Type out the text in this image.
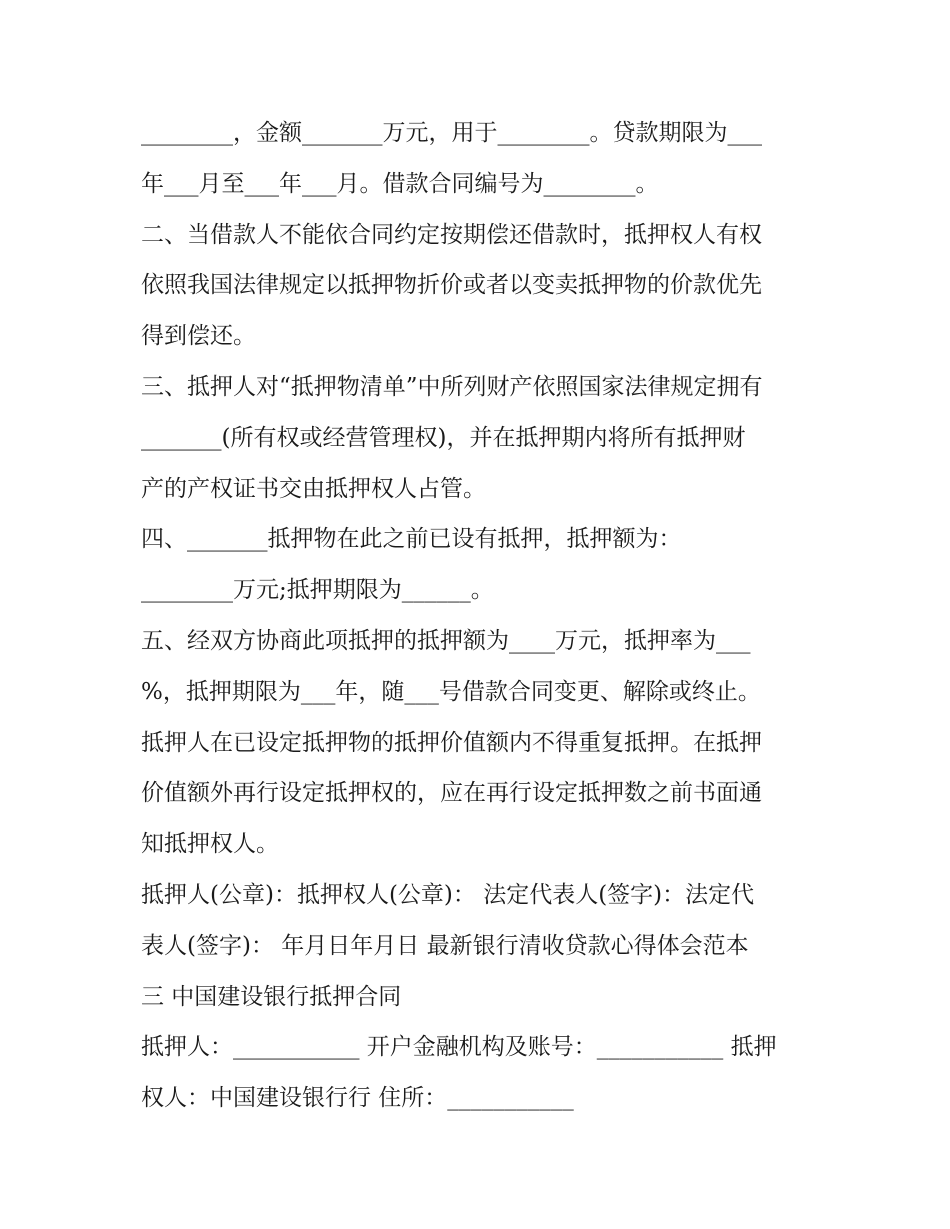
________，金额_______万元，用于________。贷款期限为___
年___月至___年___月。借款合同编号为________。
二、当借款人不能依合同约定按期偿还借款时，抵押权人有权
依照我国法律规定以抵押物折价或者以变卖抵押物的价款优先
得到偿还。
三、抵押人对“抵押物清单”中所列财产依照国家法律规定拥有
_______(所有权或经营管理权)，并在抵押期内将所有抵押财
产的产权证书交由抵押权人占管。
四、_______抵押物在此之前已设有抵押，抵押额为：
________万元;抵押期限为______。
五、经双方协商此项抵押的抵押额为____万元，抵押率为___
%，抵押期限为___年，随___号借款合同变更、解除或终止。
抵押人在已设定抵押物的抵押价值额内不得重复抵押。在抵押
价值额外再行设定抵押权的，应在再行设定抵押数之前书面通
知抵押权人。
抵押人(公章)：抵押权人(公章)： 法定代表人(签字)：法定代
表人(签字)： 年月日年月日 最新银行清收贷款心得体会范本
三 中国建设银行抵押合同
抵押人：___________ 开户金融机构及账号：___________ 抵押
权人：中国建设银行行 住所：___________
